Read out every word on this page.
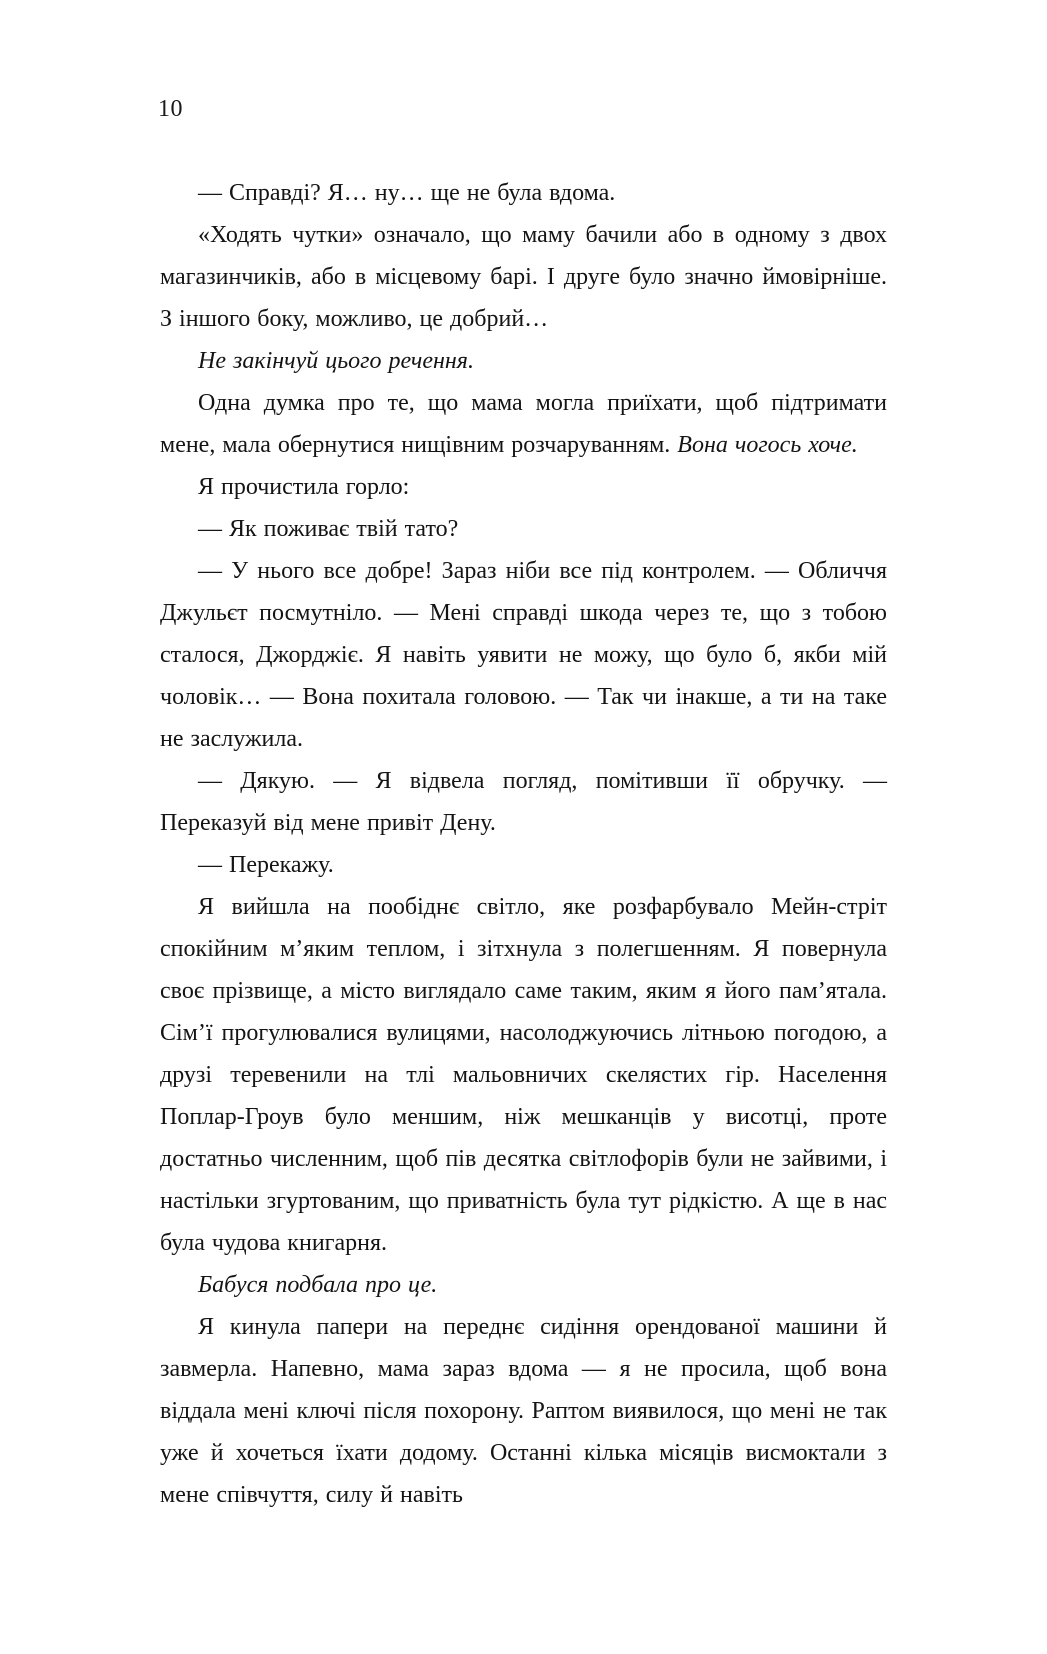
10

— Справді? Я… ну… ще не була вдома.

«Ходять чутки» означало, що маму бачили або в одному з двох магазинчиків, або в місцевому барі. І друге було значно ймовірніше. З іншого боку, можливо, це добрий…

Не закінчуй цього речення.

Одна думка про те, що мама могла приїхати, щоб підтримати мене, мала обернутися нищівним розчаруванням. Вона чогось хоче.

Я прочистила горло:

— Як поживає твій тато?

— У нього все добре! Зараз ніби все під контролем. — Обличчя Джульєт посмутніло. — Мені справді шкода через те, що з тобою сталося, Джорджіє. Я навіть уявити не можу, що було б, якби мій чоловік… — Вона похитала головою. — Так чи інакше, а ти на таке не заслужила.

— Дякую. — Я відвела погляд, помітивши її обручку. — Переказуй від мене привіт Дену.

— Перекажу.

Я вийшла на пообіднє світло, яке розфарбувало Мейн-стріт спокійним м’яким теплом, і зітхнула з полегшенням. Я повернула своє прізвище, а місто виглядало саме таким, яким я його пам’ятала. Сім’ї прогулювалися вулицями, насолоджуючись літньою погодою, а друзі теревенили на тлі мальовничих скелястих гір. Населення Поплар-Гроув було меншим, ніж мешканців у висотці, проте достатньо численним, щоб пів десятка світлофорів були не зайвими, і настільки згуртованим, що приватність була тут рідкістю. А ще в нас була чудова книгарня.

Бабуся подбала про це.

Я кинула папери на переднє сидіння орендованої машини й завмерла. Напевно, мама зараз вдома — я не просила, щоб вона віддала мені ключі після похорону. Раптом виявилося, що мені не так уже й хочеться їхати додому. Останні кілька місяців висмоктали з мене співчуття, силу й навіть
